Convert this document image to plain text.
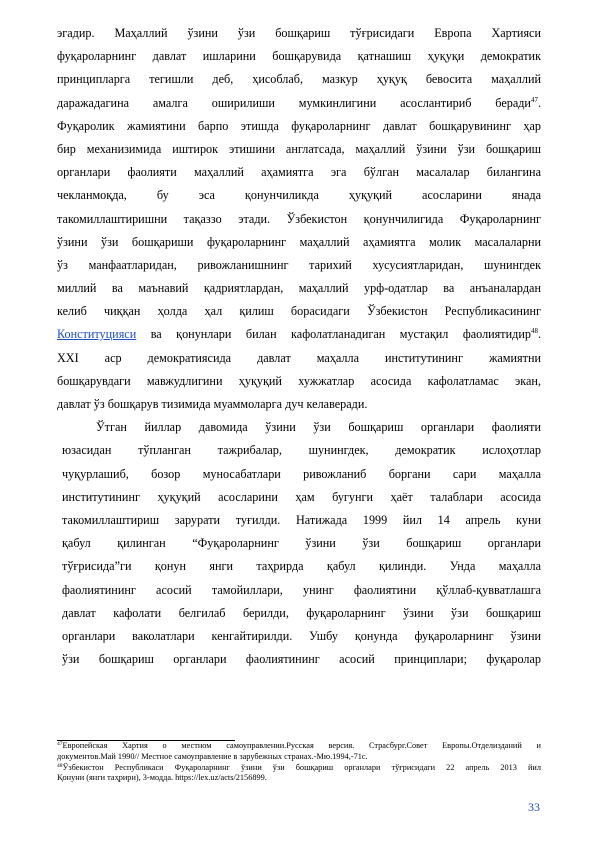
эгадир. Маҳаллий ўзини ўзи бошқариш тўғрисидаги Европа Хартияси
фуқароларнинг давлат ишларини бошқарувида қатнашиш ҳуқуқи демократик
принципларга тегишли деб, ҳисоблаб, мазкур ҳуқуқ бевосита маҳаллий
даражадагина амалга оширилиши мумкинлигини асослантириб беради$^{47}$.
Фуқаролик жамиятини барпо этишда фуқароларнинг давлат бошқарувининг ҳар
бир механизимида иштирок этишини англатсада, маҳаллий ўзини ўзи бошқариш
органлари фаолияти маҳаллий аҳамиятга эга бўлган масалалар билангина
чекланмоқда, бу эса қонунчиликда ҳуқуқий асосларини янада
такомиллаштиришни тақаззо этади. Ўзбекистон қонунчилигида Фуқароларнинг
ўзини ўзи бошқариши фуқароларнинг маҳаллий аҳамиятга молик масалаларни
ўз манфаатларидан, ривожланишнинг тарихий хусусиятларидан, шунингдек
миллий ва маънавий қадриятлардан, маҳаллий урф-одатлар ва анъаналардан
келиб чиққан ҳолда ҳал қилиш борасидаги Ўзбекистон Республикасининг
Конституцияси ва қонунлари билан кафолатланадиган мустақил фаолиятидир$^{48}$.
XXI аср демократиясида давлат маҳалла институтининг жамиятни
бошқарувдаги мавжудлигини ҳуқуқий хужжатлар асосида кафолатламас экан,
давлат ўз бошқарув тизимида муаммоларга дуч келаверади.
Ўтган йиллар давомида ўзини ўзи бошқариш органлари фаолияти
юзасидан тўпланган тажрибалар, шунингдек, демократик ислоҳотлар
чуқурлашиб, бозор муносабатлари ривожланиб боргани сари маҳалла
институтининг ҳуқуқий асосларини ҳам бугунги ҳаёт талаблари асосида
такомиллаштириш зарурати туғилди. Натижада 1999 йил 14 апрель куни
қабул қилинган “Фуқароларнинг ўзини ўзи бошқариш органлари
тўғрисида”ги қонун янги таҳрирда қабул қилинди. Унда маҳалла
фаолиятининг асосий тамойиллари, унинг фаолиятини қўллаб-қувватлашга
давлат кафолати белгилаб берилди, фуқароларнинг ўзини ўзи бошқариш
органлари ваколатлари кенгайтирилди. Ушбу қонунда фуқароларнинг ўзини
ўзи бошқариш органлари фаолиятининг асосий принциплари; фуқаролар
$^{47}$Европейская Хартия о местном самоуправлении.Русская версия. Страсбург.Совет Европы.Отделизданий и
документов.Май 1990// Местное самоуправление в зарубежных странах.-Мю.1994,-71с.
$^{48}$Ўзбекистон Республикаси Фуқароларнинг ўзини ўзи бошқариш органлари тўғрисидаги 22 апрель 2013 йил
Қонуни (янги таҳрири), 3-модда. https://lex.uz/acts/2156899.
33
